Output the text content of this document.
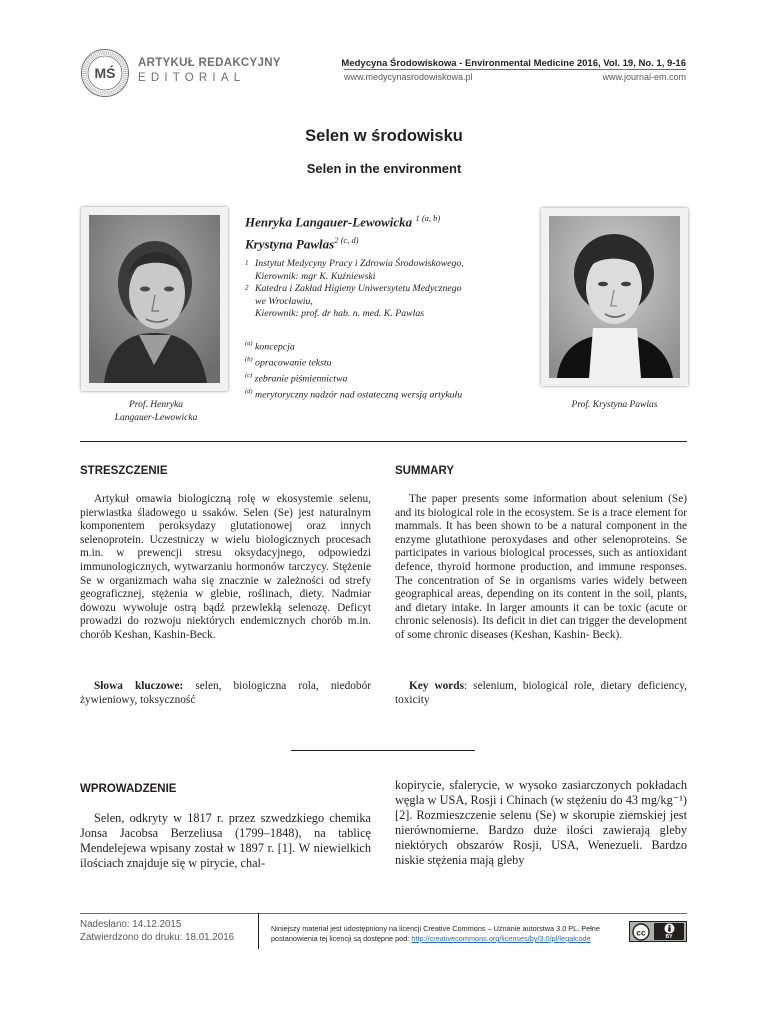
MŚ
ARTYKUŁ REDAKCYJNY
EDITORIAL
Medycyna Środowiskowa - Environmental Medicine 2016, Vol. 19, No. 1, 9-16
www.medycynasrodowiskowa.pl	www.journal-em.com
Selen w środowisku
Selen in the environment
Prof. Henryka
Langauer-Lewowicka
Prof. Krystyna Pawlas
Henryka Langauer-Lewowicka $^{1 (a, b)}$
Krystyna Pawlas$^{2 (c, d)}$
1 Instytut Medycyny Pracy i Zdrowia Środowiskowego,
Kierownik: mgr K. Kuźniewski
2 Katedra i Zakład Higieny Uniwersytetu Medycznego
we Wrocławiu,
Kierownik: prof. dr hab. n. med. K. Pawlas
$^{(a)}$ koncepcja
$^{(b)}$ opracowanie tekstu
$^{(c)}$ zebranie piśmiennictwa
$^{(d)}$ merytoryczny nadzór nad ostateczną wersją artykułu
STRESZCZENIE
Artykuł omawia biologiczną rolę w ekosystemie selenu, pierwiastka śladowego u ssaków. Selen (Se) jest naturalnym komponentem peroksydazy glutationowej oraz innych selenoprotein. Uczestniczy w wielu biologicznych procesach m.in. w prewencji stresu oksydacyjnego, odpowiedzi immunologicznych, wytwarzaniu hormonów tarczycy. Stężenie Se w organizmach waha się znacznie w zależności od strefy geograficznej, stężenia w glebie, roślinach, diety. Nadmiar dowozu wywołuje ostrą bądź przewlekłą selenozę. Deficyt prowadzi do rozwoju niektórych endemicznych chorób m.in. chorób Keshan, Kashin-Beck.
Słowa kluczowe: selen, biologiczna rola, niedobór żywieniowy, toksyczność
SUMMARY
The paper presents some information about selenium (Se) and its biological role in the ecosystem. Se is a trace element for mammals. It has been shown to be a natural component in the enzyme glutathione peroxydases and other selenoproteins. Se participates in various biological processes, such as antioxidant defence, thyroid hormone production, and immune responses. The concentration of Se in organisms varies widely between geographical areas, depending on its content in the soil, plants, and dietary intake. In larger amounts it can be toxic (acute or chronic selenosis). Its deficit in diet can trigger the development of some chronic diseases (Keshan, Kashin- Beck).
Key words: selenium, biological role, dietary deficiency, toxicity
WPROWADZENIE
Selen, odkryty w 1817 r. przez szwedzkiego chemika Jonsa Jacobsa Berzeliusa (1799–1848), na tablicę Mendelejewa wpisany został w 1897 r. [1]. W niewielkich ilościach znajduje się w pirycie, chal-
kopirycie, sfalerycie, w wysoko zasiarczonych pokładach węgla w USA, Rosji i Chinach (w stężeniu do 43 mg/kg⁻¹) [2]. Rozmieszczenie selenu (Se) w skorupie ziemskiej jest nierównomierne. Bardzo duże ilości zawierają gleby niektórych obszarów Rosji, USA, Wenezueli. Bardzo niskie stężenia mają gleby
Nadesłano: 14.12.2015
Zatwierdzono do druku: 18.01.2016
Niniejszy materiał jest udostępniony na licencji Creative Commons – Uznanie autorstwa 3.0 PL. Pełne postanowienia tej licencji są dostępne pod: http://creativecommons.org/licenses/by/3.0/pl/legalcode
cc
BY
